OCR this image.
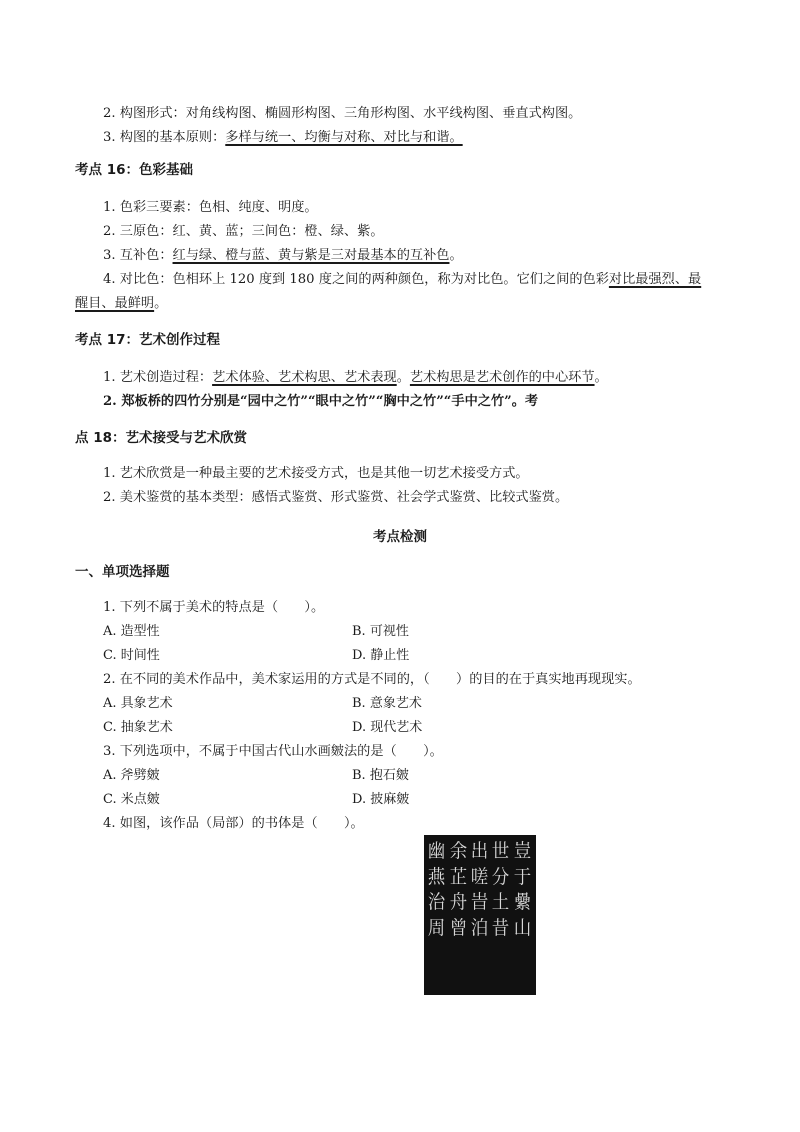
2. 构图形式：对角线构图、椭圆形构图、三角形构图、水平线构图、垂直式构图。
3. 构图的基本原则：多样与统一、均衡与对称、对比与和谐。
考点 16：色彩基础
1. 色彩三要素：色相、纯度、明度。
2. 三原色：红、黄、蓝；三间色：橙、绿、紫。
3. 互补色：红与绿、橙与蓝、黄与紫是三对最基本的互补色。
4. 对比色：色相环上 120 度到 180 度之间的两种颜色，称为对比色。它们之间的色彩对比最强烈、最
醒目、最鲜明。
考点 17：艺术创作过程
1. 艺术创造过程：艺术体验、艺术构思、艺术表现。艺术构思是艺术创作的中心环节。
2. 郑板桥的四竹分别是“园中之竹”“眼中之竹”“胸中之竹”“手中之竹”。考
点 18：艺术接受与艺术欣赏
1. 艺术欣赏是一种最主要的艺术接受方式，也是其他一切艺术接受方式。
2. 美术鉴赏的基本类型：感悟式鉴赏、形式鉴赏、社会学式鉴赏、比较式鉴赏。
考点检测
一、单项选择题
1. 下列不属于美术的特点是（　　）。
A. 造型性	B. 可视性
C. 时间性	D. 静止性
2. 在不同的美术作品中，美术家运用的方式是不同的，（　　）的目的在于真实地再现现实。
A. 具象艺术	B. 意象艺术
C. 抽象艺术	D. 现代艺术
3. 下列选项中，不属于中国古代山水画皴法的是（　　）。
A. 斧劈皴	B. 抱石皴
C. 米点皴	D. 披麻皴
4. 如图，该作品（局部）的书体是（　　）。
幽
燕
治
周
余
芷
舟
曾
出
嗟
旹
泊
世
分
土
昔
豈
于
纍
山
